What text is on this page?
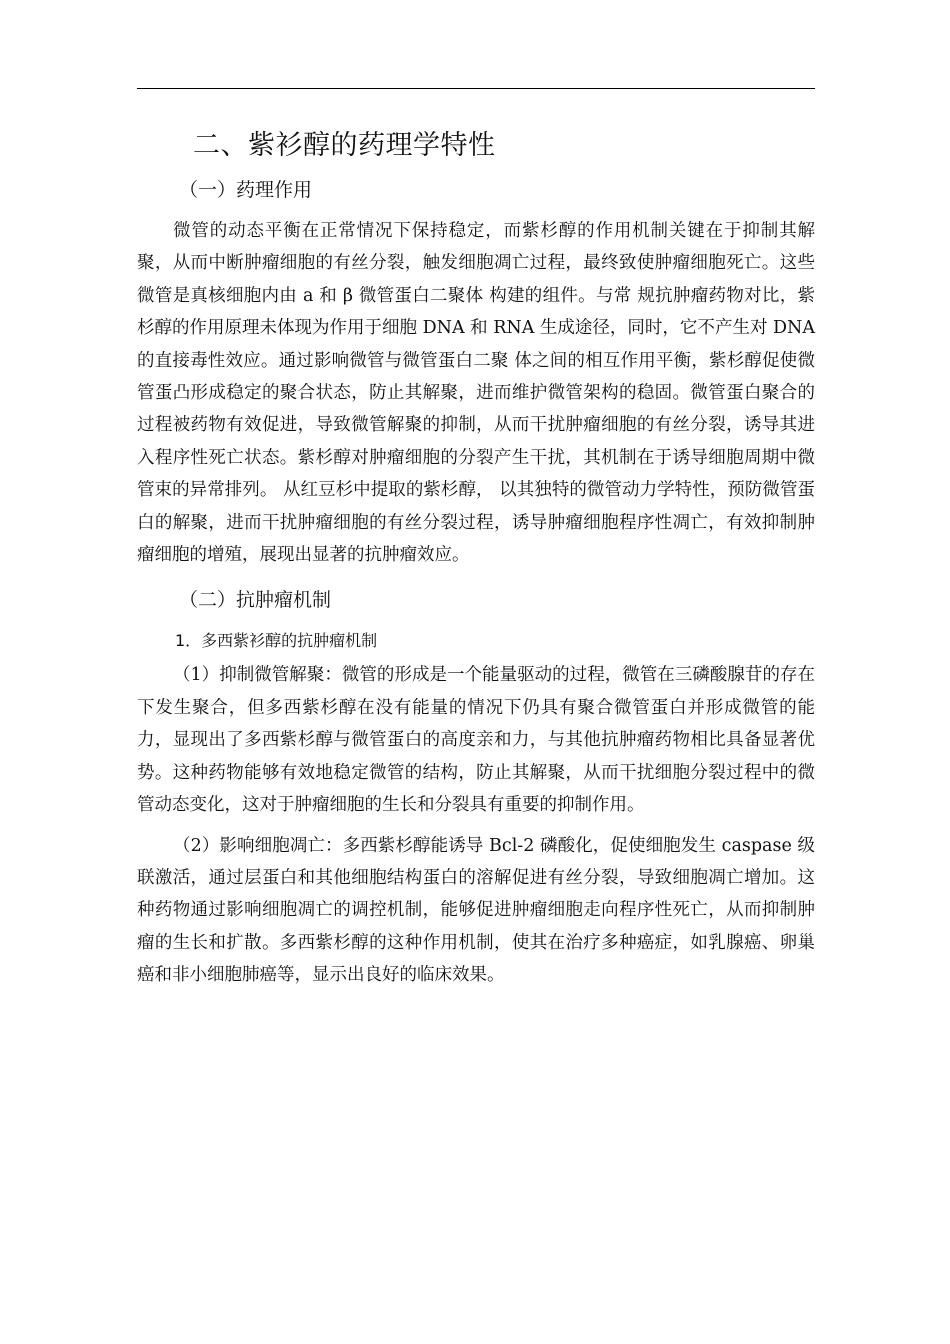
二、紫衫醇的药理学特性
（一）药理作用

微管的动态平衡在正常情况下保持稳定，而紫杉醇的作用机制关键在于抑制其解聚，从而中断肿瘤细胞的有丝分裂，触发细胞凋亡过程，最终致使肿瘤细胞死亡。这些微管是真核细胞内由 a 和 β 微管蛋白二聚体 构建的组件。与常 规抗肿瘤药物对比，紫杉醇的作用原理未体现为作用于细胞 DNA 和 RNA 生成途径，同时，它不产生对 DNA 的直接毒性效应。通过影响微管与微管蛋白二聚 体之间的相互作用平衡，紫杉醇促使微管蛋凸形成稳定的聚合状态，防止其解聚，进而维护微管架构的稳固。微管蛋白聚合的过程被药物有效促进，导致微管解聚的抑制，从而干扰肿瘤细胞的有丝分裂，诱导其进入程序性死亡状态。紫杉醇对肿瘤细胞的分裂产生干扰，其机制在于诱导细胞周期中微管束的异常排列。 从红豆杉中提取的紫杉醇， 以其独特的微管动力学特性，预防微管蛋白的解聚，进而干扰肿瘤细胞的有丝分裂过程，诱导肿瘤细胞程序性凋亡，有效抑制肿瘤细胞的增殖，展现出显著的抗肿瘤效应。

（二）抗肿瘤机制
1．多西紫衫醇的抗肿瘤机制

（1）抑制微管解聚：微管的形成是一个能量驱动的过程，微管在三磷酸腺苷的存在下发生聚合，但多西紫杉醇在没有能量的情况下仍具有聚合微管蛋白并形成微管的能力，显现出了多西紫杉醇与微管蛋白的高度亲和力，与其他抗肿瘤药物相比具备显著优势。这种药物能够有效地稳定微管的结构，防止其解聚，从而干扰细胞分裂过程中的微管动态变化，这对于肿瘤细胞的生长和分裂具有重要的抑制作用。

（2）影响细胞凋亡：多西紫杉醇能诱导 Bcl-2 磷酸化，促使细胞发生 caspase 级联激活，通过层蛋白和其他细胞结构蛋白的溶解促进有丝分裂，导致细胞凋亡增加。这种药物通过影响细胞凋亡的调控机制，能够促进肿瘤细胞走向程序性死亡，从而抑制肿瘤的生长和扩散。多西紫杉醇的这种作用机制，使其在治疗多种癌症，如乳腺癌、卵巢癌和非小细胞肺癌等，显示出良好的临床效果。
